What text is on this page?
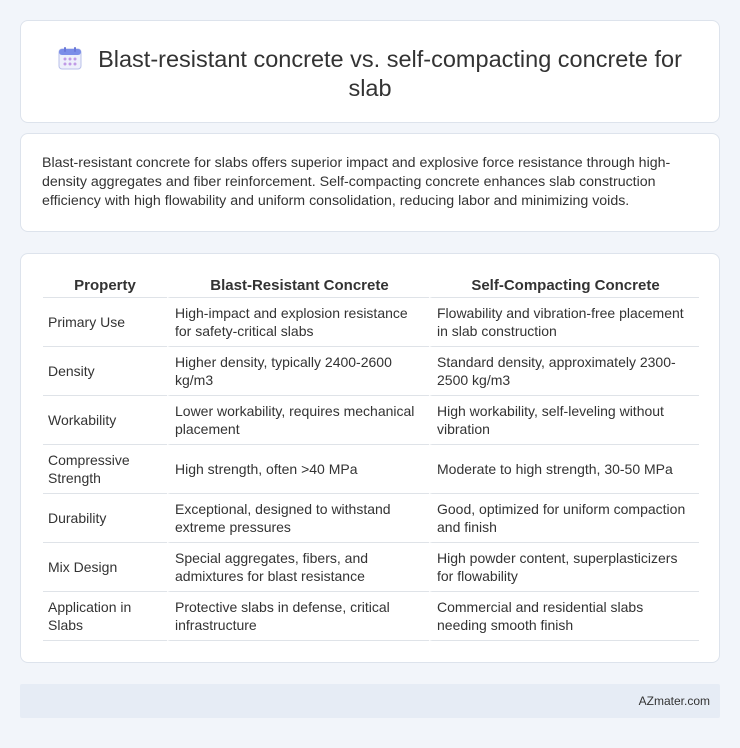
Blast-resistant concrete vs. self-compacting concrete for slab

Blast-resistant concrete for slabs offers superior impact and explosive force resistance through high-density aggregates and fiber reinforcement. Self-compacting concrete enhances slab construction efficiency with high flowability and uniform consolidation, reducing labor and minimizing voids.

Property	Blast-Resistant Concrete	Self-Compacting Concrete
Primary Use	High-impact and explosion resistance for safety-critical slabs	Flowability and vibration-free placement in slab construction
Density	Higher density, typically 2400-2600 kg/m3	Standard density, approximately 2300-2500 kg/m3
Workability	Lower workability, requires mechanical placement	High workability, self-leveling without vibration
Compressive Strength	High strength, often >40 MPa	Moderate to high strength, 30-50 MPa
Durability	Exceptional, designed to withstand extreme pressures	Good, optimized for uniform compaction and finish
Mix Design	Special aggregates, fibers, and admixtures for blast resistance	High powder content, superplasticizers for flowability
Application in Slabs	Protective slabs in defense, critical infrastructure	Commercial and residential slabs needing smooth finish
AZmater.com
